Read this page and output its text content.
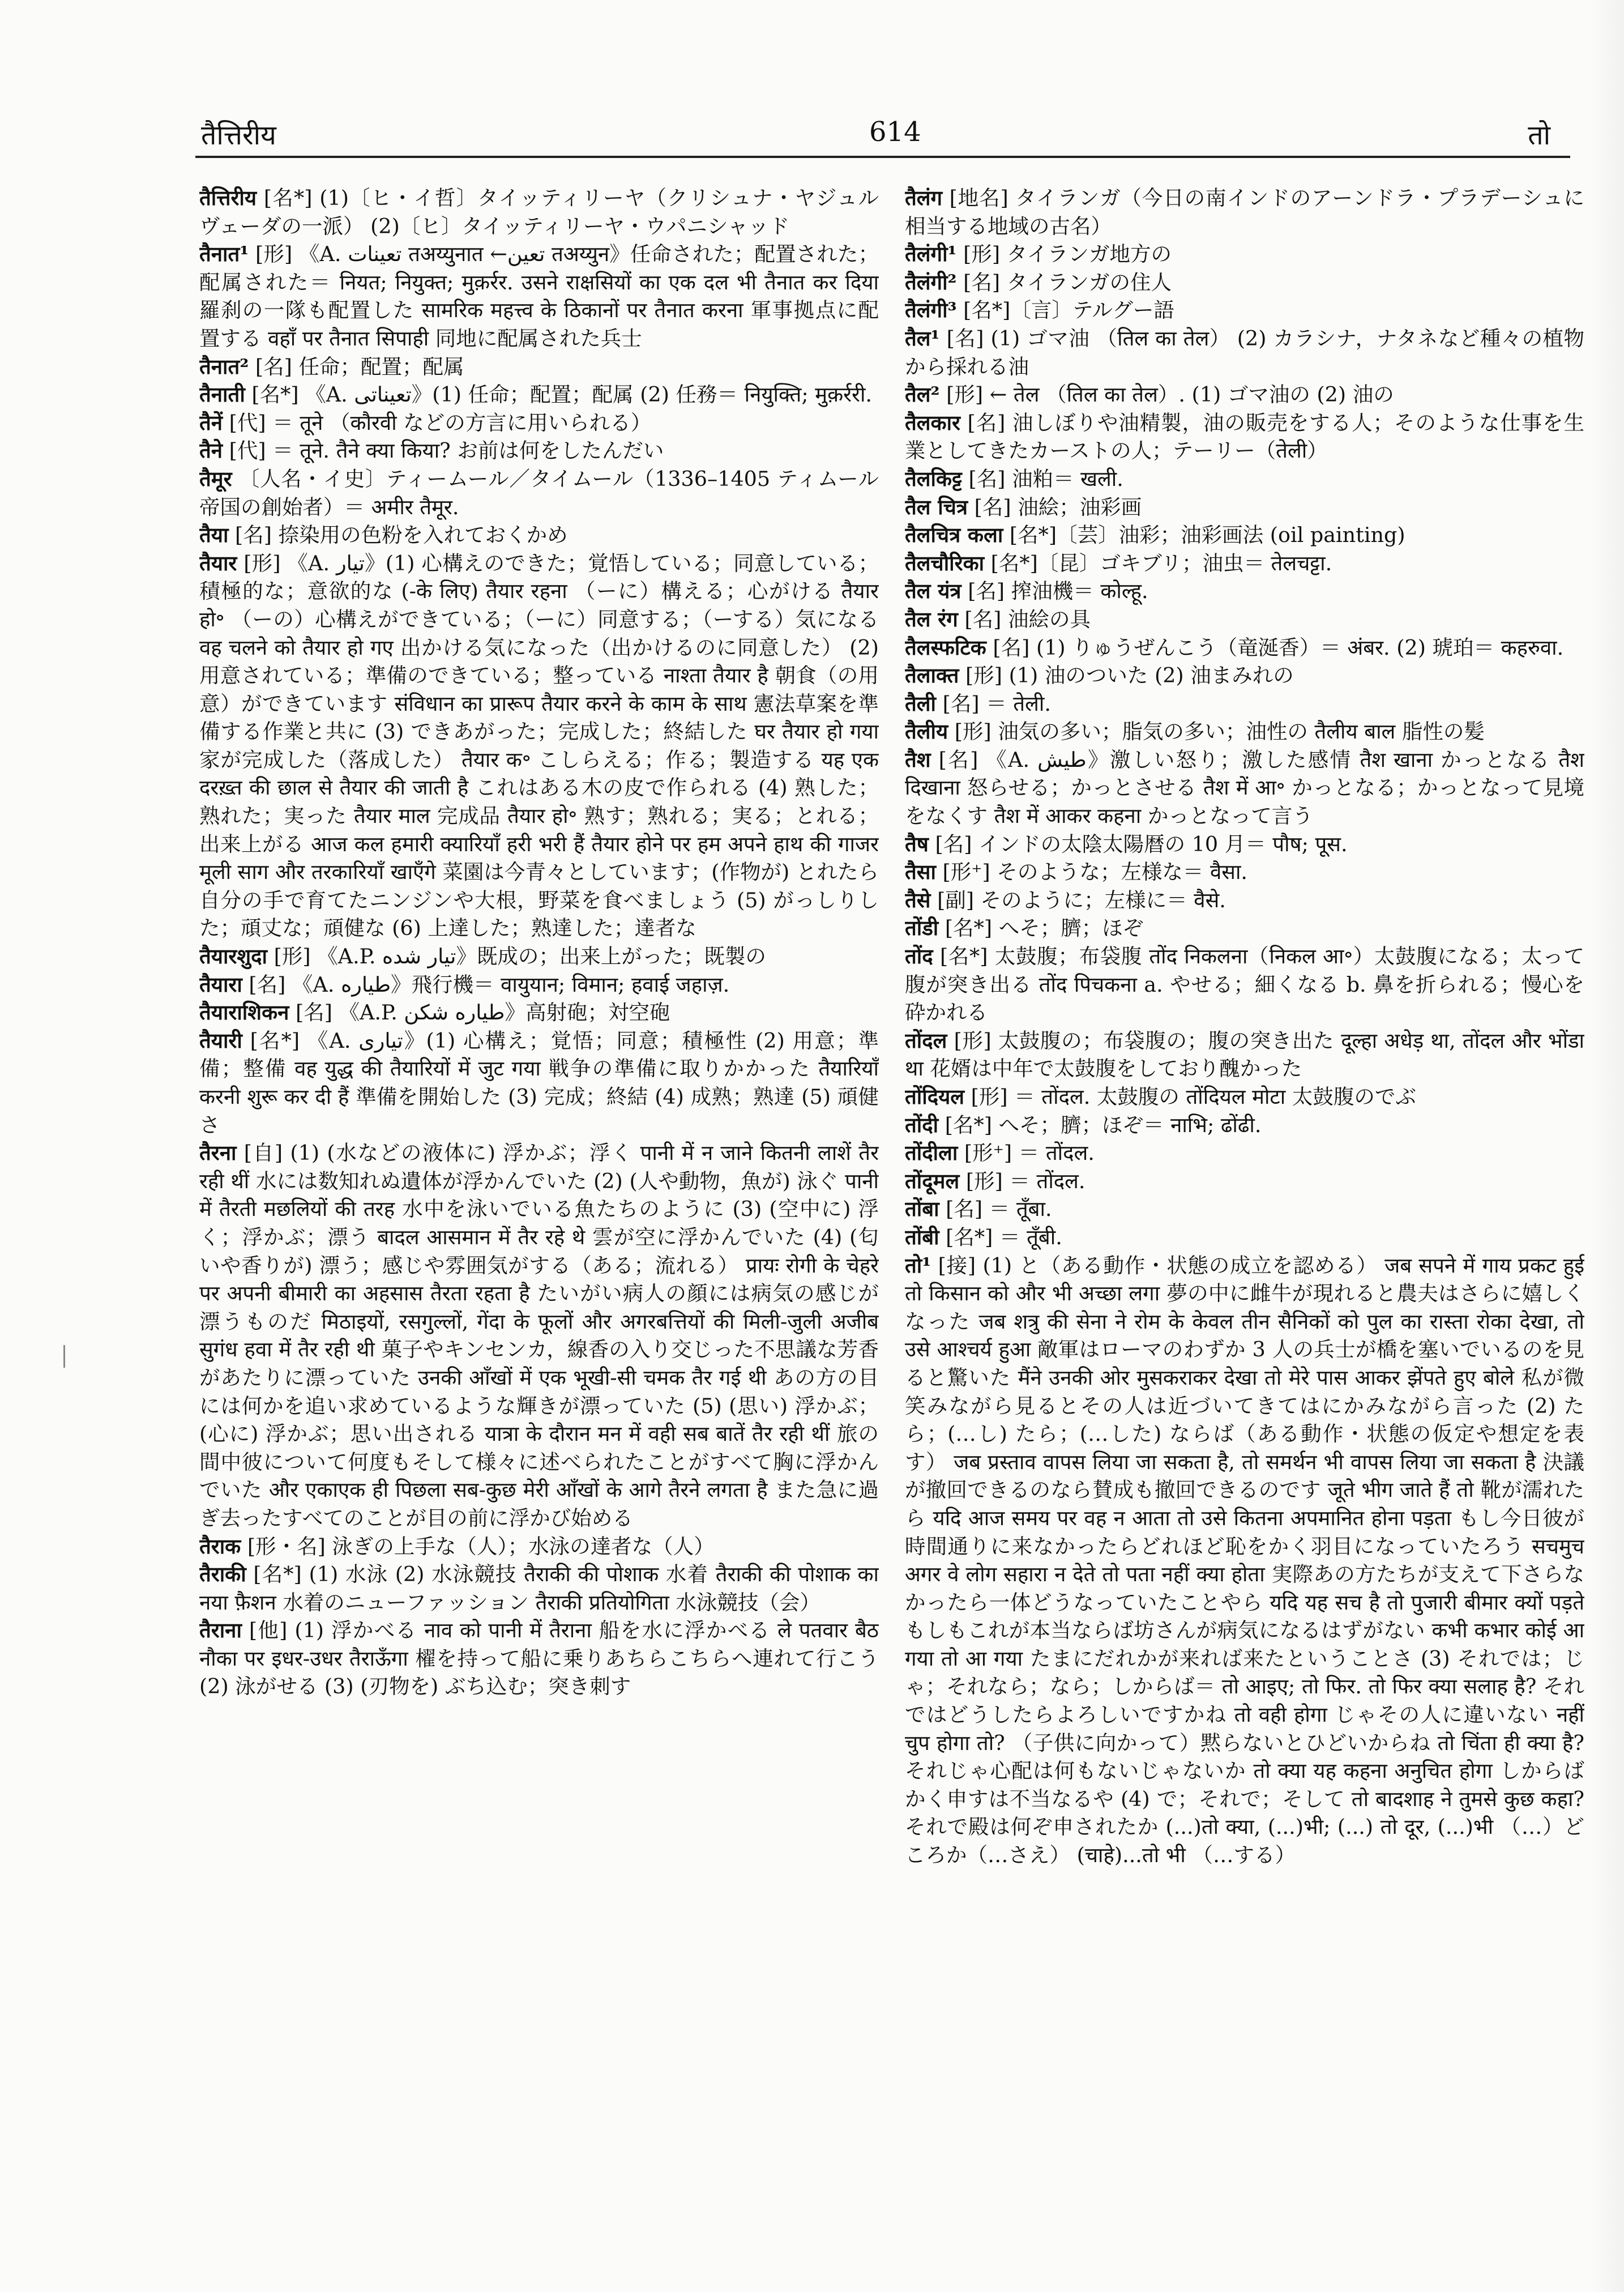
तैत्तिरीय	614	तो

तैत्तिरीय [名*] (1)〔ヒ・イ哲〕タイッティリーヤ（クリシュナ・ヤジュルヴェーダの一派） (2)〔ヒ〕タイッティリーヤ・ウパニシャッド

तैनात¹ [形] 《A. تعينات तअय्युनात ←تعين तअय्युन》任命された；配置された；配属された＝ नियत; नियुक्त; मुक़र्रर. उसने राक्षसियों का एक दल भी तैनात कर दिया 羅刹の一隊も配置した सामरिक महत्त्व के ठिकानों पर तैनात करना 軍事拠点に配置する वहाँ पर तैनात सिपाही 同地に配属された兵士

तैनात² [名] 任命；配置；配属

तैनाती [名*] 《A. تعيناتی》(1) 任命；配置；配属 (2) 任務＝ नियुक्ति; मुक़र्ररी.

तैनें [代] ＝ तूने （कौरवी などの方言に用いられる）

तैने [代] ＝ तूने. तैने क्या किया? お前は何をしたんだい

तैमूर 〔人名・イ史〕ティームール／タイムール（1336–1405 ティムール帝国の創始者）＝ अमीर तैमूर.

तैया [名] 捺染用の色粉を入れておくかめ

तैयार [形] 《A. تيار》(1) 心構えのできた；覚悟している；同意している；積極的な；意欲的な (-के लिए) तैयार रहना （ーに）構える；心がける तैयार हो॰ （ーの）心構えができている；（ーに）同意する；（ーする）気になる वह चलने को तैयार हो गए 出かける気になった（出かけるのに同意した） (2) 用意されている；準備のできている；整っている नाश्ता तैयार है 朝食（の用意）ができています संविधान का प्रारूप तैयार करने के काम के साथ 憲法草案を準備する作業と共に (3) できあがった；完成した；終結した घर तैयार हो गया 家が完成した（落成した） तैयार क॰ こしらえる；作る；製造する यह एक दरख़्त की छाल से तैयार की जाती है これはある木の皮で作られる (4) 熟した；熟れた；実った तैयार माल 完成品 तैयार हो॰ 熟す；熟れる；実る；とれる；出来上がる आज कल हमारी क्यारियाँ हरी भरी हैं तैयार होने पर हम अपने हाथ की गाजर मूली साग और तरकारियाँ खाएँगे 菜園は今青々としています；(作物が) とれたら自分の手で育てたニンジンや大根，野菜を食べましょう (5) がっしりした；頑丈な；頑健な (6) 上達した；熟達した；達者な

तैयारशुदा [形] 《A.P. تیار شده》既成の；出来上がった；既製の

तैयारा [名] 《A. طياره》飛行機＝ वायुयान; विमान; हवाई जहाज़.

तैयाराशिकन [名] 《A.P. طياره شكن》高射砲；対空砲

तैयारी [名*] 《A. تیاری》(1) 心構え；覚悟；同意；積極性 (2) 用意；準備；整備 वह युद्ध की तैयारियों में जुट गया 戦争の準備に取りかかった तैयारियाँ करनी शुरू कर दी हैं 準備を開始した (3) 完成；終結 (4) 成熟；熟達 (5) 頑健さ

तैरना [自] (1) (水などの液体に) 浮かぶ；浮く पानी में न जाने कितनी लाशें तैर रही थीं 水には数知れぬ遺体が浮かんでいた (2) (人や動物，魚が) 泳ぐ पानी में तैरती मछलियों की तरह 水中を泳いでいる魚たちのように (3) (空中に) 浮く；浮かぶ；漂う बादल आसमान में तैर रहे थे 雲が空に浮かんでいた (4) (匂いや香りが) 漂う；感じや雰囲気がする（ある；流れる） प्रायः रोगी के चेहरे पर अपनी बीमारी का अहसास तैरता रहता है たいがい病人の顔には病気の感じが漂うものだ मिठाइयों, रसगुल्लों, गेंदा के फूलों और अगरबत्तियों की मिली-जुली अजीब सुगंध हवा में तैर रही थी 菓子やキンセンカ，線香の入り交じった不思議な芳香があたりに漂っていた उनकी आँखों में एक भूखी-सी चमक तैर गई थी あの方の目には何かを追い求めているような輝きが漂っていた (5) (思い) 浮かぶ；(心に) 浮かぶ；思い出される यात्रा के दौरान मन में वही सब बातें तैर रही थीं 旅の間中彼について何度もそして様々に述べられたことがすべて胸に浮かんでいた और एकाएक ही पिछला सब-कुछ मेरी आँखों के आगे तैरने लगता है また急に過ぎ去ったすべてのことが目の前に浮かび始める

तैराक [形・名] 泳ぎの上手な（人）；水泳の達者な（人）

तैराकी [名*] (1) 水泳 (2) 水泳競技 तैराकी की पोशाक 水着 तैराकी की पोशाक का नया फ़ैशन 水着のニューファッション तैराकी प्रतियोगिता 水泳競技（会）

तैराना [他] (1) 浮かべる नाव को पानी में तैराना 船を水に浮かべる ले पतवार बैठ नौका पर इधर-उधर तैराऊँगा 櫂を持って船に乗りあちらこちらへ連れて行こう (2) 泳がせる (3) (刃物を) ぶち込む；突き刺す

तैलंग [地名] タイランガ（今日の南インドのアーンドラ・プラデーシュに相当する地域の古名）

तैलंगी¹ [形] タイランガ地方の

तैलंगी² [名] タイランガの住人

तैलंगी³ [名*]〔言〕テルグー語

तैल¹ [名] (1) ゴマ油 （तिल का तेल） (2) カラシナ，ナタネなど種々の植物から採れる油

तैल² [形] ← तेल （तिल का तेल）. (1) ゴマ油の (2) 油の

तैलकार [名] 油しぼりや油精製，油の販売をする人；そのような仕事を生業としてきたカーストの人；テーリー（तेली）

तैलकिट्ट [名] 油粕＝ खली.

तैल चित्र [名] 油絵；油彩画

तैलचित्र कला [名*]〔芸〕油彩；油彩画法 (oil painting)

तैलचौरिका [名*]〔昆〕ゴキブリ；油虫＝ तेलचट्टा.

तैल यंत्र [名] 搾油機＝ कोल्हू.

तैल रंग [名] 油絵の具

तैलस्फटिक [名] (1) りゅうぜんこう（竜涎香）＝ अंबर. (2) 琥珀＝ कहरुवा.

तैलाक्त [形] (1) 油のついた (2) 油まみれの

तैली [名] ＝ तेली.

तैलीय [形] 油気の多い；脂気の多い；油性の तैलीय बाल 脂性の髪

तैश [名] 《A. طيش》激しい怒り；激した感情 तैश खाना かっとなる तैश दिखाना 怒らせる；かっとさせる तैश में आ॰ かっとなる；かっとなって見境をなくす तैश में आकर कहना かっとなって言う

तैष [名] インドの太陰太陽暦の 10 月＝ पौष; पूस.

तैसा [形⁺] そのような；左様な＝ वैसा.

तैसे [副] そのように；左様に＝ वैसे.

तोंडी [名*] へそ；臍；ほぞ

तोंद [名*] 太鼓腹；布袋腹 तोंद निकलना（निकल आ॰）太鼓腹になる；太って腹が突き出る तोंद पिचकना a. やせる；細くなる b. 鼻を折られる；慢心を砕かれる

तोंदल [形] 太鼓腹の；布袋腹の；腹の突き出た दूल्हा अधेड़ था, तोंदल और भोंडा था 花婿は中年で太鼓腹をしており醜かった

तोंदियल [形] ＝ तोंदल. 太鼓腹の तोंदियल मोटा 太鼓腹のでぶ

तोंदी [名*] へそ；臍；ほぞ＝ नाभि; ढोंढी.

तोंदीला [形⁺] ＝ तोंदल.

तोंदूमल [形] ＝ तोंदल.

तोंबा [名] ＝ तूँबा.

तोंबी [名*] ＝ तूँबी.

तो¹ [接] (1) と（ある動作・状態の成立を認める） जब सपने में गाय प्रकट हुई तो किसान को और भी अच्छा लगा 夢の中に雌牛が現れると農夫はさらに嬉しくなった जब शत्रु की सेना ने रोम के केवल तीन सैनिकों को पुल का रास्ता रोका देखा, तो उसे आश्चर्य हुआ 敵軍はローマのわずか 3 人の兵士が橋を塞いでいるのを見ると驚いた मैंने उनकी ओर मुसकराकर देखा तो मेरे पास आकर झेंपते हुए बोले 私が微笑みながら見るとその人は近づいてきてはにかみながら言った (2) たら；(…し) たら；(…した) ならば（ある動作・状態の仮定や想定を表す） जब प्रस्ताव वापस लिया जा सकता है, तो समर्थन भी वापस लिया जा सकता है 決議が撤回できるのなら賛成も撤回できるのです जूते भीग जाते हैं तो 靴が濡れたら यदि आज समय पर वह न आता तो उसे कितना अपमानित होना पड़ता もし今日彼が時間通りに来なかったらどれほど恥をかく羽目になっていたろう सचमुच अगर वे लोग सहारा न देते तो पता नहीं क्या होता 実際あの方たちが支えて下さらなかったら一体どうなっていたことやら यदि यह सच है तो पुजारी बीमार क्यों पड़ते もしもこれが本当ならば坊さんが病気になるはずがない कभी कभार कोई आ गया तो आ गया たまにだれかが来れば来たということさ (3) それでは；じゃ；それなら；なら；しからば＝ तो आइए; तो फिर. तो फिर क्या सलाह है? それではどうしたらよろしいですかね तो वही होगा じゃその人に違いない नहीं चुप होगा तो? （子供に向かって）黙らないとひどいからね तो चिंता ही क्या है? それじゃ心配は何もないじゃないか तो क्या यह कहना अनुचित होगा しからばかく申すは不当なるや (4) で；それで；そして तो बादशाह ने तुमसे कुछ कहा? それで殿は何ぞ申されたか (...)तो क्या, (...)भी; (...) तो दूर, (...)भी （…）どころか（…さえ） (चाहे)...तो भी （…する）
